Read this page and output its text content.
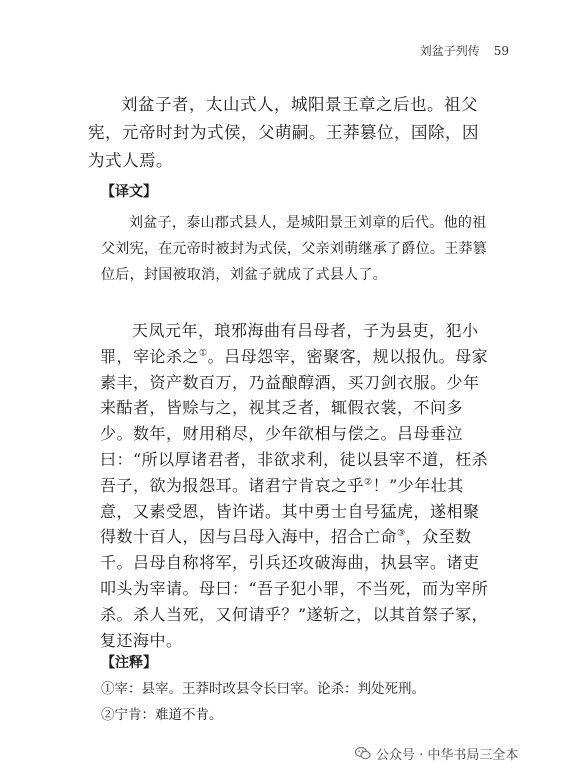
刘盆子列传 59

刘盆子者，太山式人，城阳景王章之后也。祖父宪，元帝时封为式侯，父萌嗣。王莽篡位，国除，因为式人焉。

【译文】

刘盆子，泰山郡式县人，是城阳景王刘章的后代。他的祖父刘宪，在元帝时被封为式侯，父亲刘萌继承了爵位。王莽篡位后，封国被取消，刘盆子就成了式县人了。

天凤元年，琅邪海曲有吕母者，子为县吏，犯小罪，宰论杀之①。吕母怨宰，密聚客，规以报仇。母家素丰，资产数百万，乃益酿醇酒，买刀剑衣服。少年来酤者，皆赊与之，视其乏者，辄假衣裳，不问多少。数年，财用稍尽，少年欲相与偿之。吕母垂泣曰：“所以厚诸君者，非欲求利，徒以县宰不道，枉杀吾子，欲为报怨耳。诸君宁肯哀之乎②！”少年壮其意，又素受恩，皆许诺。其中勇士自号猛虎，遂相聚得数十百人，因与吕母入海中，招合亡命③，众至数千。吕母自称将军，引兵还攻破海曲，执县宰。诸吏叩头为宰请。母曰：“吾子犯小罪，不当死，而为宰所杀。杀人当死，又何请乎？”遂斩之，以其首祭子冢，复还海中。

【注释】

①宰：县宰。王莽时改县令长曰宰。论杀：判处死刑。

②宁肯：难道不肯。

公众号 · 中华书局三全本
